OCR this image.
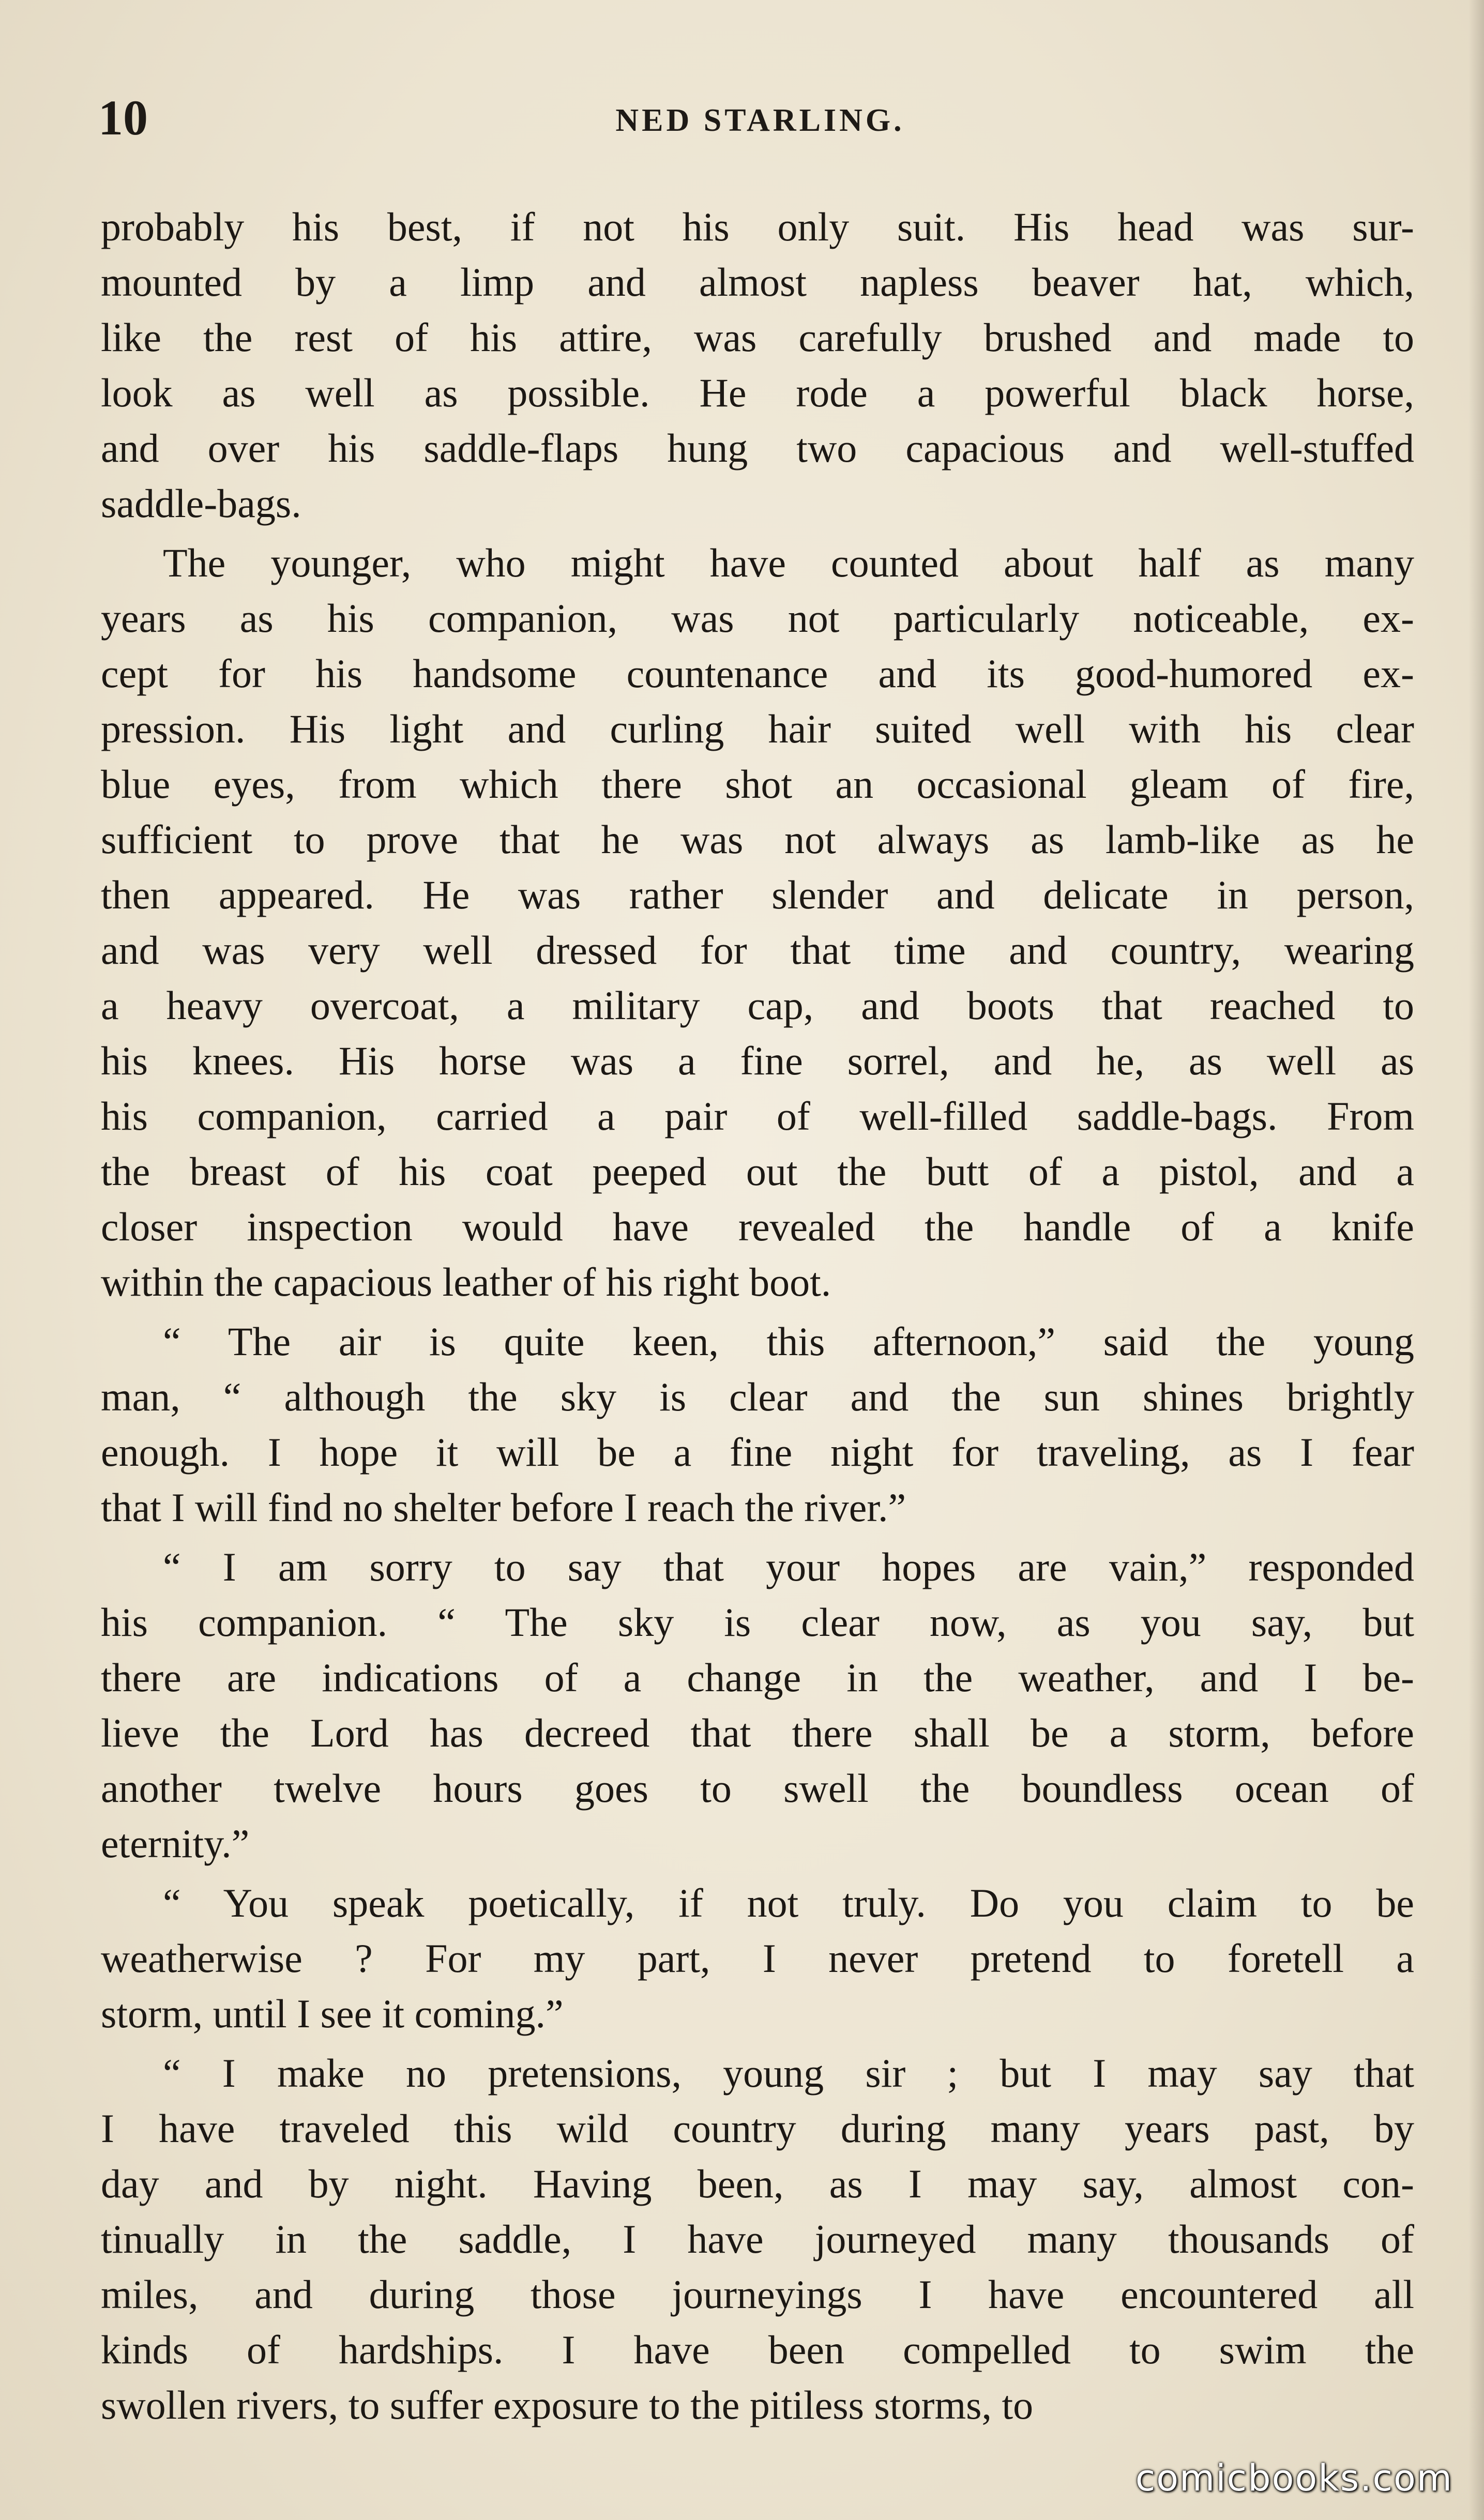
10	NED STARLING.
probably his best, if not his only suit. His head was sur-
mounted by a limp and almost napless beaver hat, which,
like the rest of his attire, was carefully brushed and made to
look as well as possible. He rode a powerful black horse,
and over his saddle-flaps hung two capacious and well-stuffed
saddle-bags.
The younger, who might have counted about half as many
years as his companion, was not particularly noticeable, ex-
cept for his handsome countenance and its good-humored ex-
pression. His light and curling hair suited well with his clear
blue eyes, from which there shot an occasional gleam of fire,
sufficient to prove that he was not always as lamb-like as he
then appeared. He was rather slender and delicate in person,
and was very well dressed for that time and country, wearing
a heavy overcoat, a military cap, and boots that reached to
his knees. His horse was a fine sorrel, and he, as well as
his companion, carried a pair of well-filled saddle-bags. From
the breast of his coat peeped out the butt of a pistol, and a
closer inspection would have revealed the handle of a knife
within the capacious leather of his right boot.
“ The air is quite keen, this afternoon,” said the young
man, “ although the sky is clear and the sun shines brightly
enough. I hope it will be a fine night for traveling, as I fear
that I will find no shelter before I reach the river.”
“ I am sorry to say that your hopes are vain,” responded
his companion. “ The sky is clear now, as you say, but
there are indications of a change in the weather, and I be-
lieve the Lord has decreed that there shall be a storm, before
another twelve hours goes to swell the boundless ocean of
eternity.”
“ You speak poetically, if not truly. Do you claim to be
weatherwise ? For my part, I never pretend to foretell a
storm, until I see it coming.”
“ I make no pretensions, young sir ; but I may say that
I have traveled this wild country during many years past, by
day and by night. Having been, as I may say, almost con-
tinually in the saddle, I have journeyed many thousands of
miles, and during those journeyings I have encountered all
kinds of hardships. I have been compelled to swim the
swollen rivers, to suffer exposure to the pitiless storms, to
comicbooks.com
